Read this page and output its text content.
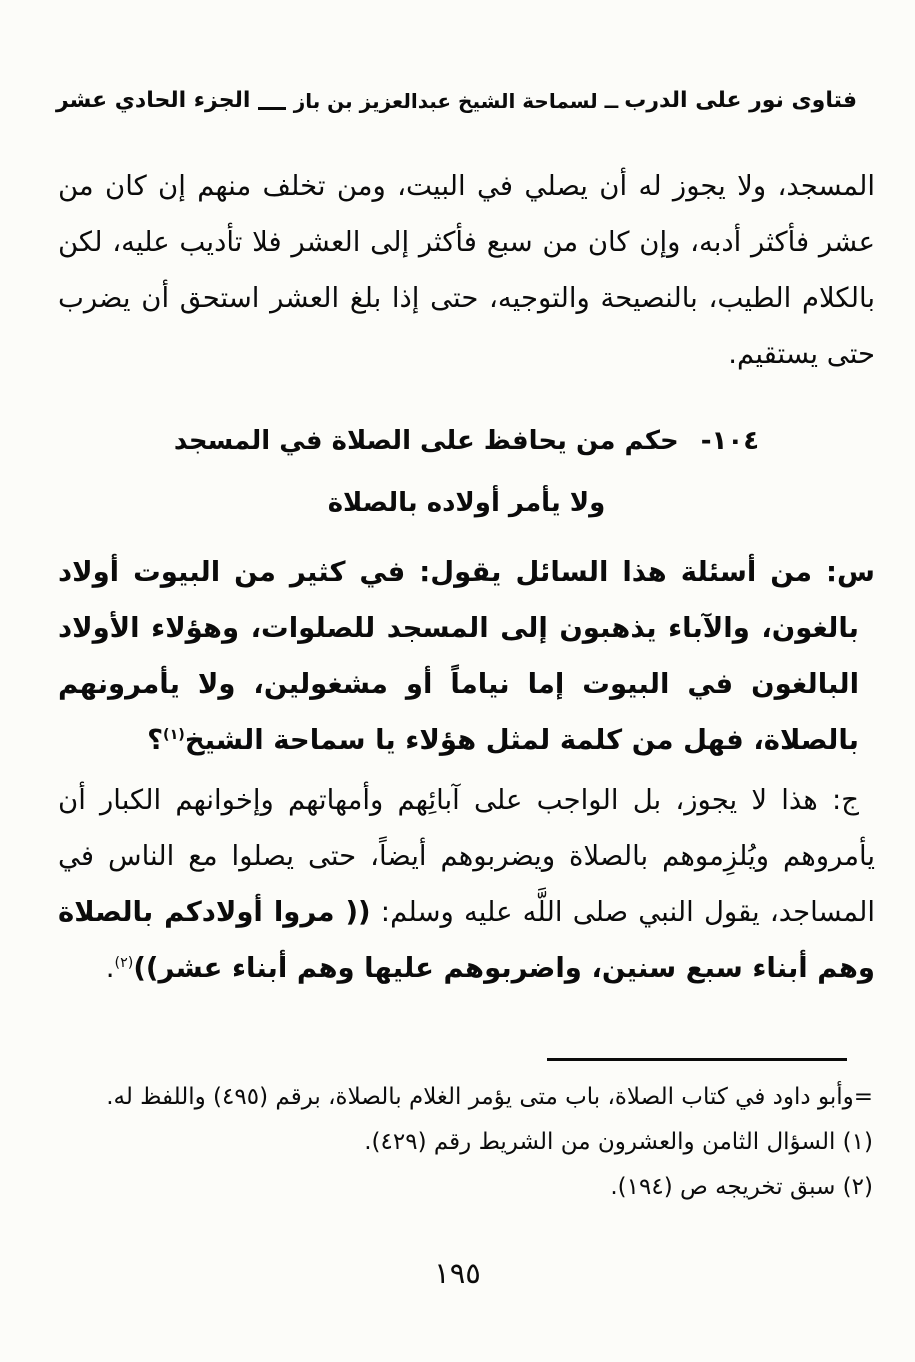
فتاوى نور على الدرب
ــ لسماحة الشيخ عبدالعزيز بن باز
الجزء الحادي عشر

المسجد، ولا يجوز له أن يصلي في البيت، ومن تخلف منهم إن كان من عشر فأكثر أدبه، وإن كان من سبع فأكثر إلى العشر فلا تأديب عليه، لكن بالكلام الطيب، بالنصيحة والتوجيه، حتى إذا بلغ العشر استحق أن يضرب حتى يستقيم.

١٠٤-حكم من يحافظ على الصلاة في المسجد
ولا يأمر أولاده بالصلاة

س: من أسئلة هذا السائل يقول: في كثير من البيوت أولاد بالغون، والآباء يذهبون إلى المسجد للصلوات، وهؤلاء الأولاد البالغون في البيوت إما نياماً أو مشغولين، ولا يأمرونهم بالصلاة، فهل من كلمة لمثل هؤلاء يا سماحة الشيخ$^{(١)}$؟

ج: هذا لا يجوز، بل الواجب على آبائِهم وأمهاتهم وإخوانهم الكبار أن يأمروهم ويُلزِموهم بالصلاة ويضربوهم أيضاً، حتى يصلوا مع الناس في المساجد، يقول النبي صلى اللَّه عليه وسلم: (( مروا أولادكم بالصلاة وهم أبناء سبع سنين، واضربوهم عليها وهم أبناء عشر))$^{(٢)}$.

=وأبو داود في كتاب الصلاة، باب متى يؤمر الغلام بالصلاة، برقم (٤٩٥) واللفظ له.
(١) السؤال الثامن والعشرون من الشريط رقم (٤٢٩).
(٢) سبق تخريجه ص (١٩٤).
١٩٥
